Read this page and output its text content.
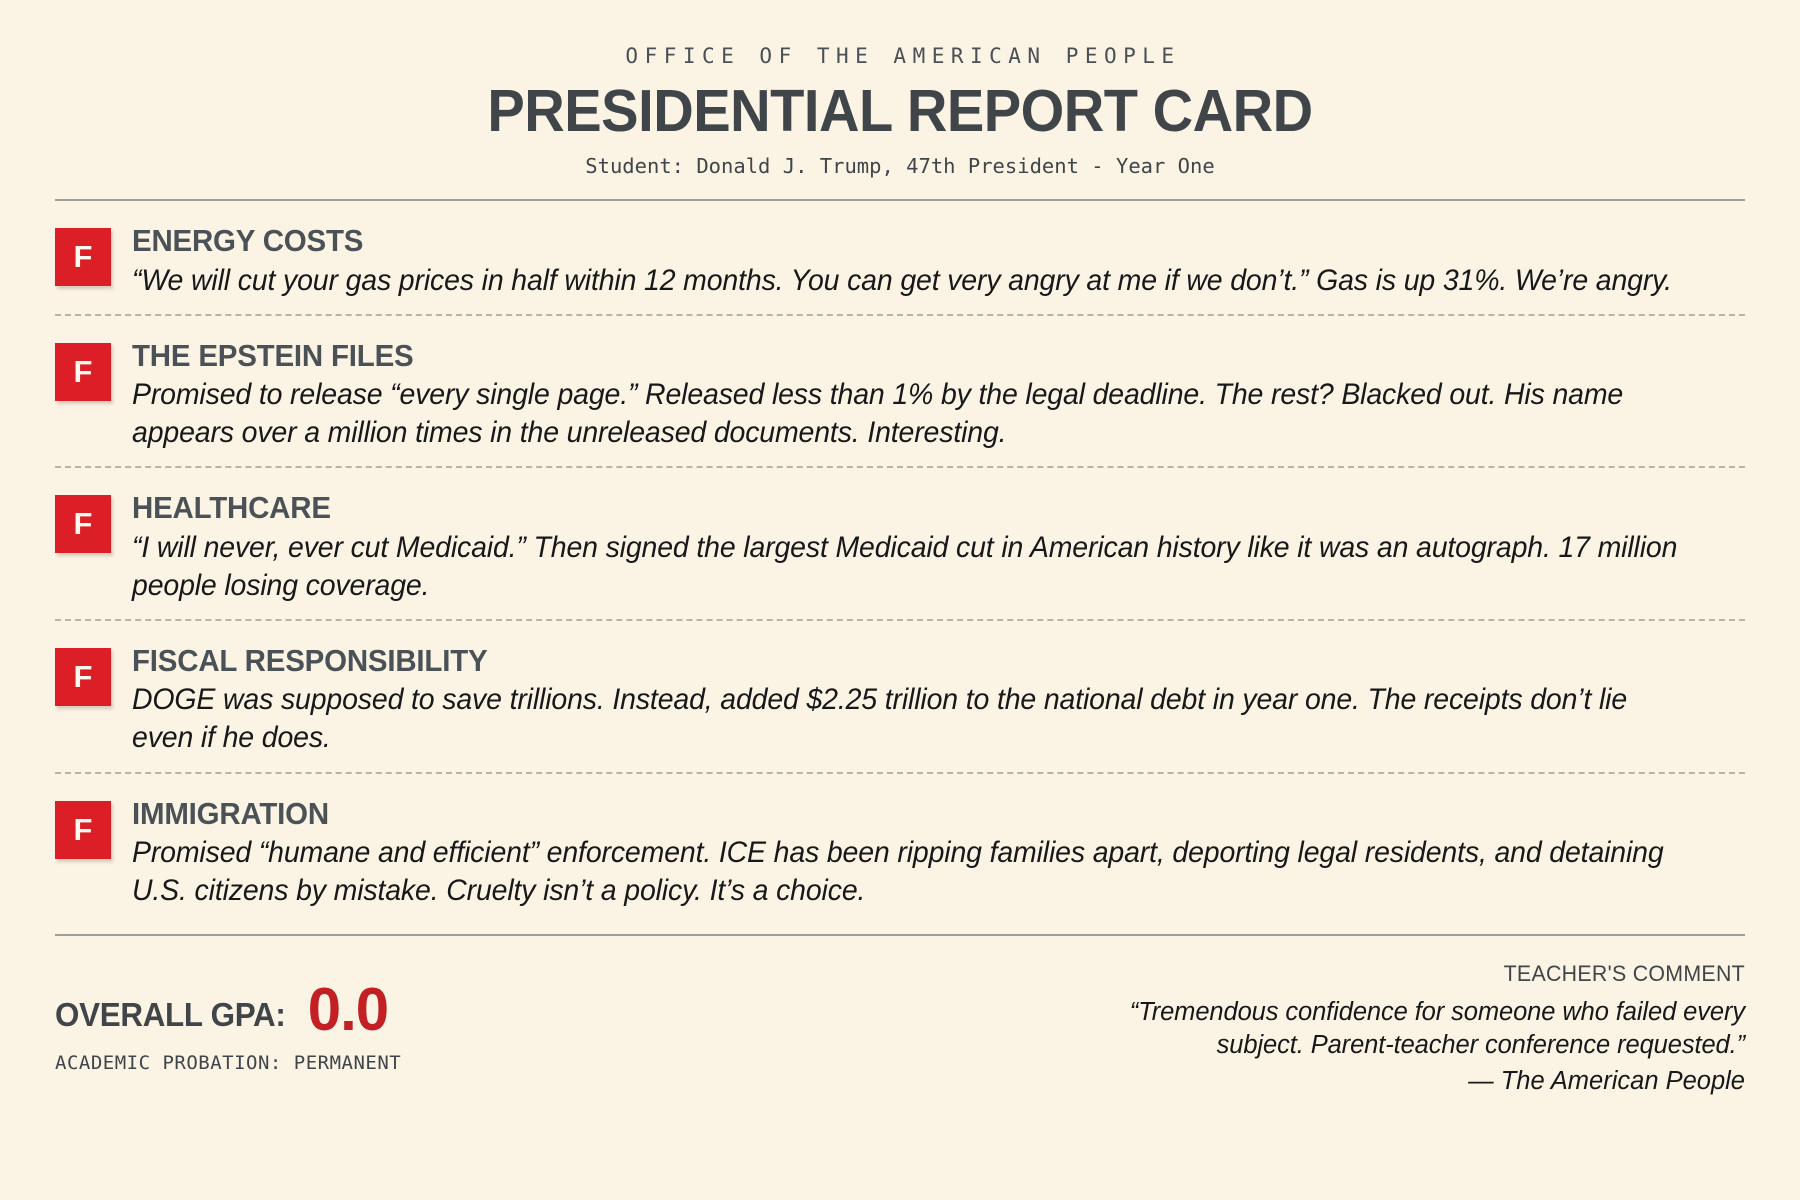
OFFICE OF THE AMERICAN PEOPLE
PRESIDENTIAL REPORT CARD
Student: Donald J. Trump, 47th President - Year One
F	ENERGY COSTS
“We will cut your gas prices in half within 12 months. You can get very angry at me if we don’t.” Gas is up 31%. We’re angry.
F	THE EPSTEIN FILES
Promised to release “every single page.” Released less than 1% by the legal deadline. The rest? Blacked out. His name appears over a million times in the unreleased documents. Interesting.
F	HEALTHCARE
“I will never, ever cut Medicaid.” Then signed the largest Medicaid cut in American history like it was an autograph. 17 million people losing coverage.
F	FISCAL RESPONSIBILITY
DOGE was supposed to save trillions. Instead, added $2.25 trillion to the national debt in year one. The receipts don’t lie even if he does.
F	IMMIGRATION
Promised “humane and efficient” enforcement. ICE has been ripping families apart, deporting legal residents, and detaining U.S. citizens by mistake. Cruelty isn’t a policy. It’s a choice.
OVERALL GPA: 0.0
ACADEMIC PROBATION: PERMANENT
TEACHER'S COMMENT
“Tremendous confidence for someone who failed every subject. Parent-teacher conference requested.”
— The American People
